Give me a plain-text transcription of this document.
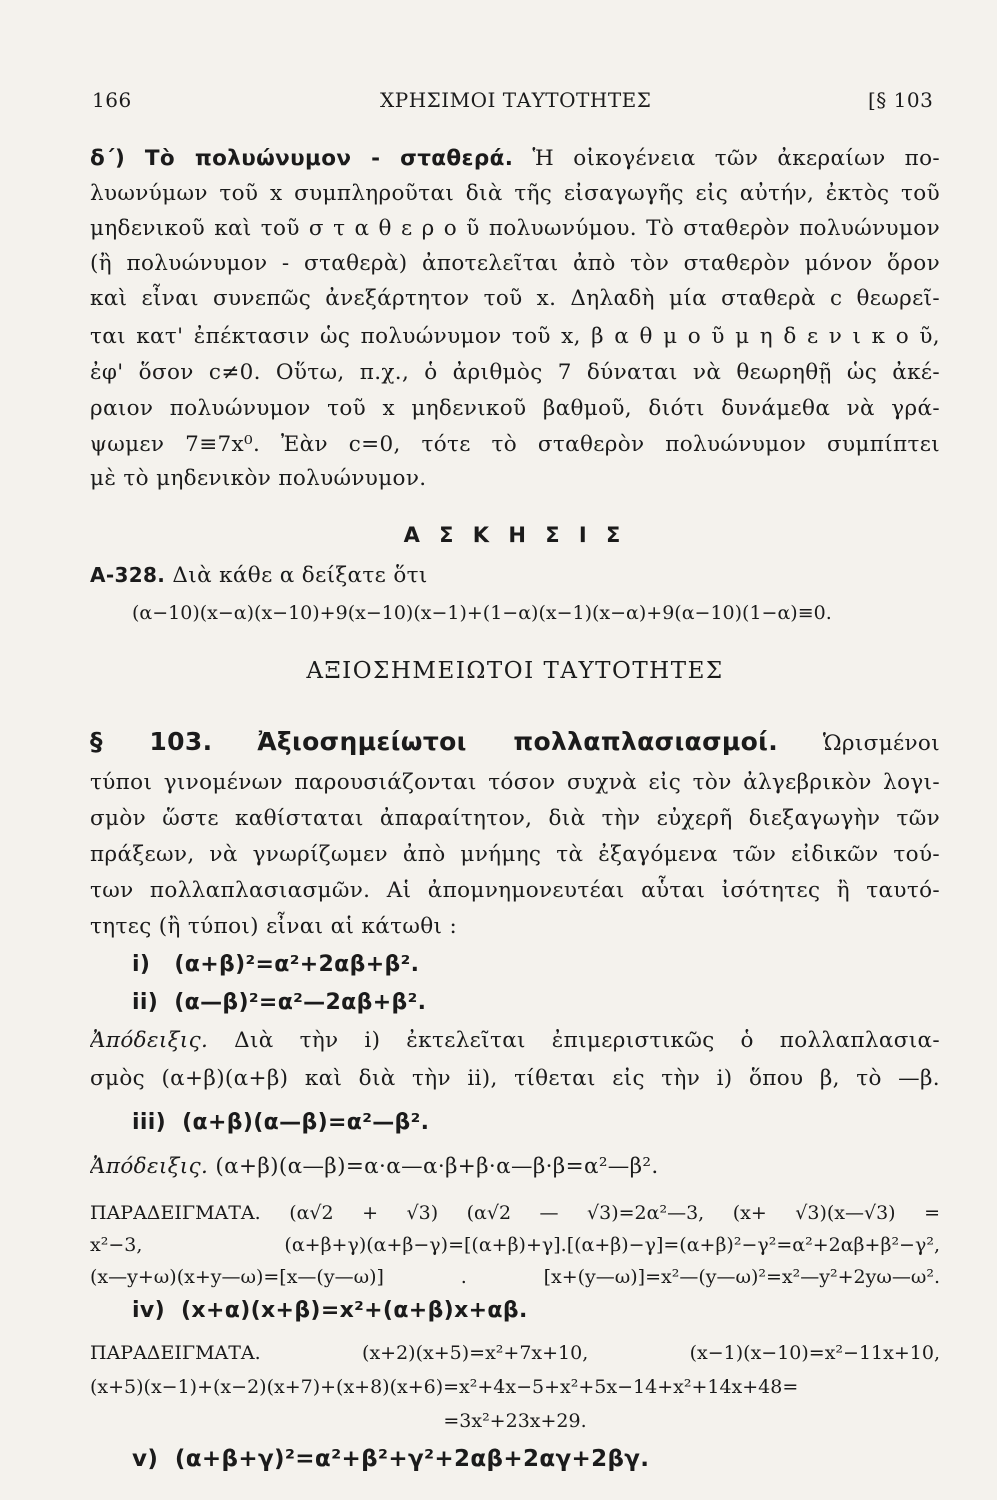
166	ΧΡΗΣΙΜΟΙ ΤΑΥΤΟΤΗΤΕΣ	[§ 103
δ΄) Τὸ πολυώνυμον - σταθερά. Ἡ οἰκογένεια τῶν ἀκεραίων πο-
λυωνύμων τοῦ x συμπληροῦται διὰ τῆς εἰσαγωγῆς εἰς αὐτήν, ἐκτὸς τοῦ
μηδενικοῦ καὶ τοῦ σ τ α θ ε ρ ο ῦ πολυωνύμου. Τὸ σταθερὸν πολυώνυμον
(ἢ πολυώνυμον - σταθερὰ) ἀποτελεῖται ἀπὸ τὸν σταθερὸν μόνον ὅρον
καὶ εἶναι συνεπῶς ἀνεξάρτητον τοῦ x. Δηλαδὴ μία σταθερὰ c θεωρεῖ-
ται κατ' ἐπέκτασιν ὡς πολυώνυμον τοῦ x, β α θ μ ο ῦ μ η δ ε ν ι κ ο ῦ,
ἐφ' ὅσον c≠0. Οὕτω, π.χ., ὁ ἀριθμὸς 7 δύναται νὰ θεωρηθῇ ὡς ἀκέ-
ραιον πολυώνυμον τοῦ x μηδενικοῦ βαθμοῦ, διότι δυνάμεθα νὰ γρά-
ψωμεν 7≡7x⁰. Ἐὰν c=0, τότε τὸ σταθερὸν πολυώνυμον συμπίπτει
μὲ τὸ μηδενικὸν πολυώνυμον.
Α Σ Κ Η Σ Ι Σ
Α-328. Διὰ κάθε α δείξατε ὅτι
(α−10)(x−α)(x−10)+9(x−10)(x−1)+(1−α)(x−1)(x−α)+9(α−10)(1−α)≡0.
ΑΞΙΟΣΗΜΕΙΩΤΟΙ ΤΑΥΤΟΤΗΤΕΣ
§ 103. Ἀξιοσημείωτοι πολλαπλασιασμοί. Ὡρισμένοι
τύποι γινομένων παρουσιάζονται τόσον συχνὰ εἰς τὸν ἀλγεβρικὸν λογι-
σμὸν ὥστε καθίσταται ἀπαραίτητον, διὰ τὴν εὐχερῆ διεξαγωγὴν τῶν
πράξεων, νὰ γνωρίζωμεν ἀπὸ μνήμης τὰ ἐξαγόμενα τῶν εἰδικῶν τού-
των πολλαπλασιασμῶν. Αἱ ἀπομνημονευτέαι αὗται ἰσότητες ἢ ταυτό-
τητες (ἢ τύποι) εἶναι αἱ κάτωθι :
i)   (α+β)²=α²+2αβ+β².
ii)  (α—β)²=α²—2αβ+β².
Ἀπόδειξις. Διὰ τὴν i) ἐκτελεῖται ἐπιμεριστικῶς ὁ πολλαπλασια-
σμὸς (α+β)(α+β) καὶ διὰ τὴν ii), τίθεται εἰς τὴν i) ὅπου β, τὸ —β.
iii)  (α+β)(α—β)=α²—β².
Ἀπόδειξις. (α+β)(α—β)=α·α—α·β+β·α—β·β=α²—β².
ΠΑΡΑΔΕΙΓΜΑΤΑ. (α√2 + √3) (α√2 — √3)=2α²—3, (x+ √3)(x—√3) =
x²−3, (α+β+γ)(α+β−γ)=[(α+β)+γ].[(α+β)−γ]=(α+β)²−γ²=α²+2αβ+β²−γ²,
(x—y+ω)(x+y—ω)=[x—(y—ω)] . [x+(y—ω)]=x²—(y—ω)²=x²—y²+2yω—ω².
iv)  (x+α)(x+β)=x²+(α+β)x+αβ.
ΠΑΡΑΔΕΙΓΜΑΤΑ.	(x+2)(x+5)=x²+7x+10, (x−1)(x−10)=x²−11x+10,
(x+5)(x−1)+(x−2)(x+7)+(x+8)(x+6)=x²+4x−5+x²+5x−14+x²+14x+48=
=3x²+23x+29.
v)  (α+β+γ)²=α²+β²+γ²+2αβ+2αγ+2βγ.
